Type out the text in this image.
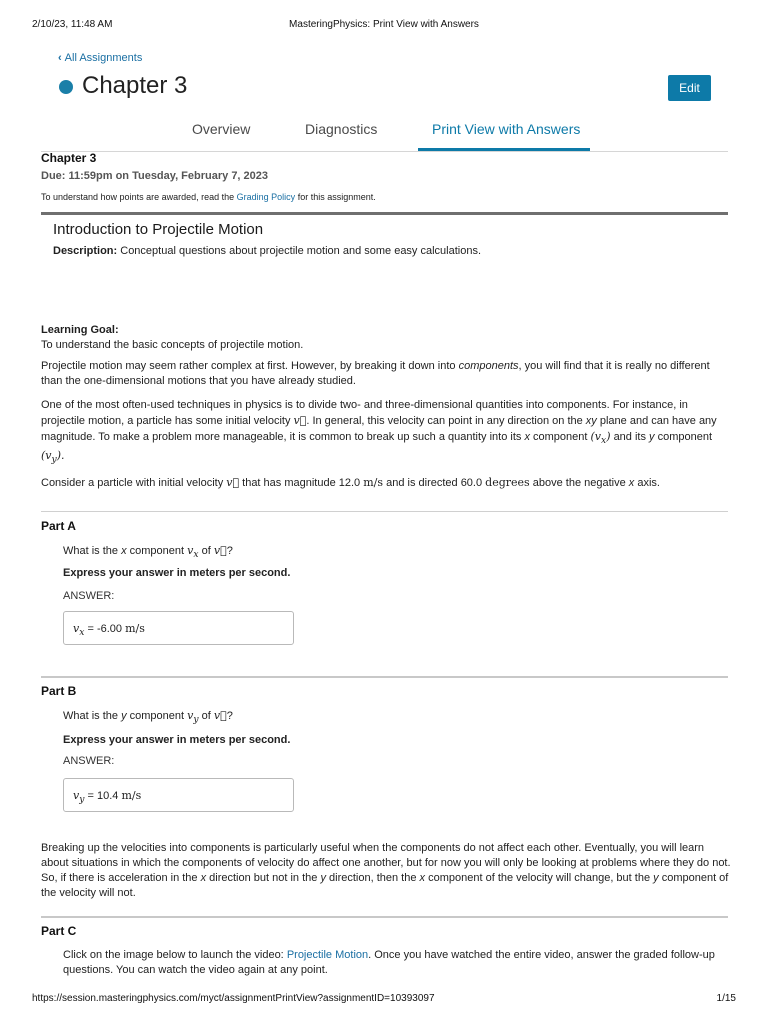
2/10/23, 11:48 AM	MasteringPhysics: Print View with Answers
‹ All Assignments
Chapter 3	Edit
Overview	Diagnostics	Print View with Answers
Chapter 3
Due: 11:59pm on Tuesday, February 7, 2023
To understand how points are awarded, read the Grading Policy for this assignment.
Introduction to Projectile Motion
Description: Conceptual questions about projectile motion and some easy calculations.
Learning Goal:
To understand the basic concepts of projectile motion.
Projectile motion may seem rather complex at first. However, by breaking it down into components, you will find that it is really no different than the one-dimensional motions that you have already studied.
One of the most often-used techniques in physics is to divide two- and three-dimensional quantities into components. For instance, in projectile motion, a particle has some initial velocity v⃗. In general, this velocity can point in any direction on the xy plane and can have any magnitude. To make a problem more manageable, it is common to break up such a quantity into its x component $(v_x)$ and its y component
$(v_y)$.
Consider a particle with initial velocity v⃗ that has magnitude 12.0 m/s and is directed 60.0 degrees above the negative x axis.
Part A
What is the x component $v_x$ of v⃗?
Express your answer in meters per second.
ANSWER:
$v_x = -6.00$ m/s
Part B
What is the y component $v_y$ of v⃗?
Express your answer in meters per second.
ANSWER:
$v_y = 10.4$ m/s
Breaking up the velocities into components is particularly useful when the components do not affect each other. Eventually, you will learn about situations in which the components of velocity do affect one another, but for now you will only be looking at problems where they do not. So, if there is acceleration in the x direction but not in the y direction, then the x component of the velocity will change, but the y component of the velocity will not.
Part C
Click on the image below to launch the video: Projectile Motion. Once you have watched the entire video, answer the graded follow-up questions. You can watch the video again at any point.
https://session.masteringphysics.com/myct/assignmentPrintView?assignmentID=10393097	1/15
